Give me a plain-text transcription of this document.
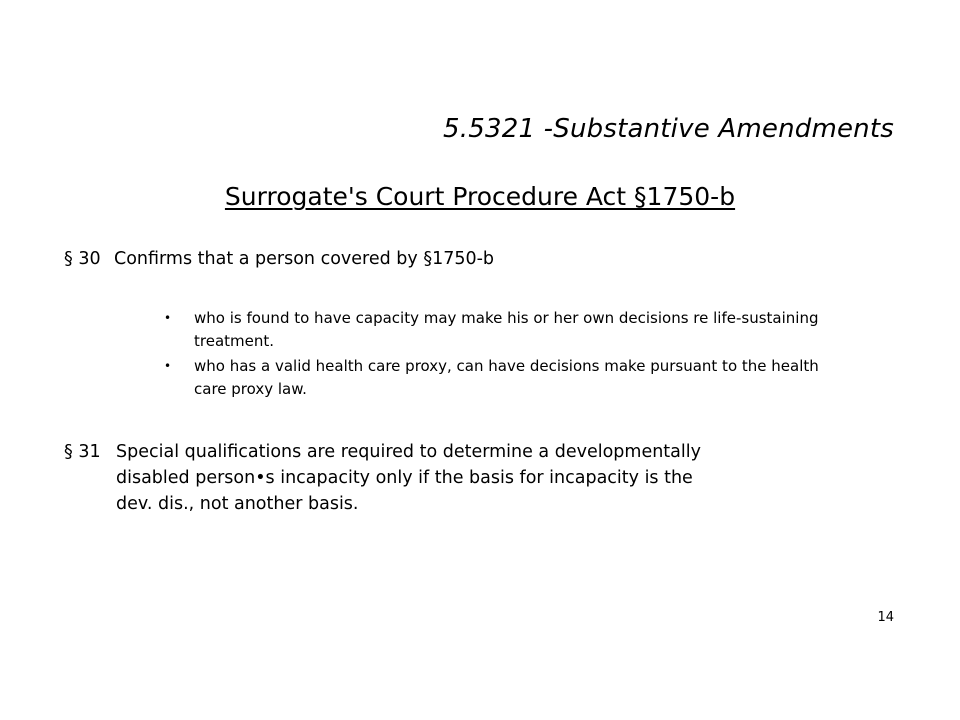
5.5321 -Substantive Amendments
Surrogate's Court Procedure Act §1750-b
§ 30 Confirms that a person covered by §1750-b
• who is found to have capacity may make his or her own decisions re life-sustaining treatment.
• who has a valid health care proxy, can have decisions make pursuant to the health care proxy law.
§ 31 Special qualifications are required to determine a developmentally disabled person•s incapacity only if the basis for incapacity is the dev. dis., not another basis.
14
